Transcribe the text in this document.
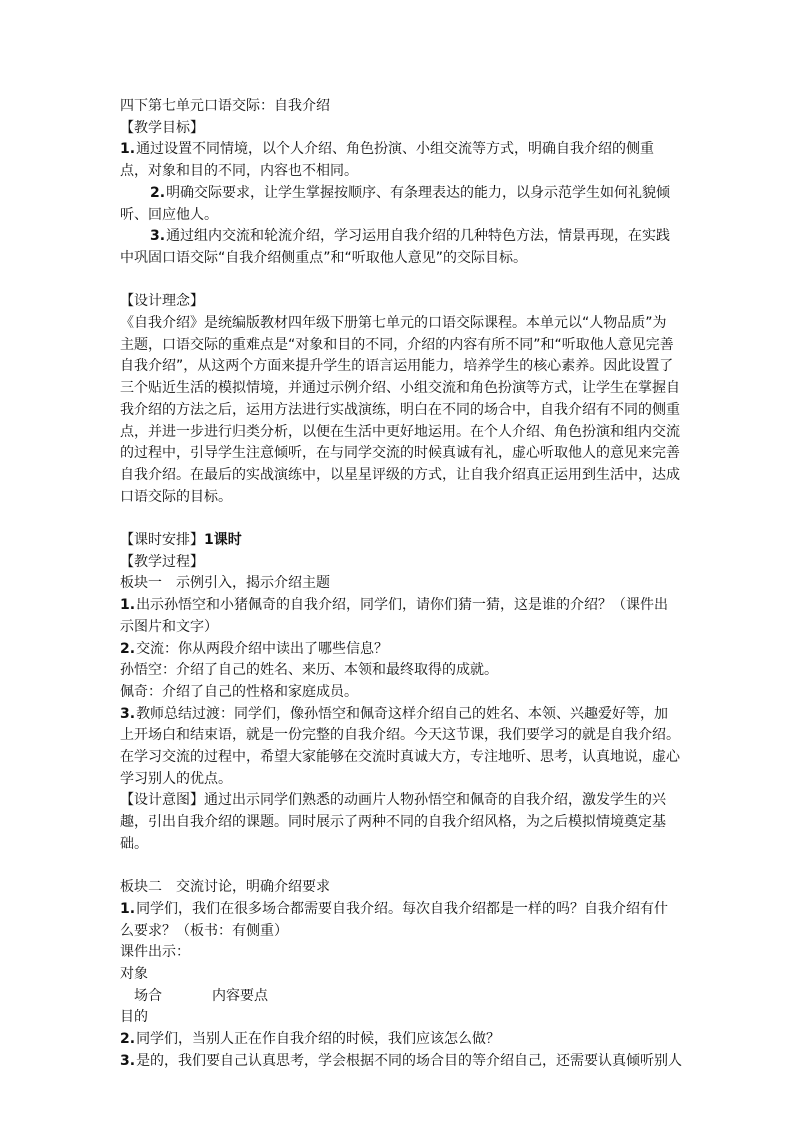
四下第七单元口语交际：自我介绍
【教学目标】
1.通过设置不同情境，以个人介绍、角色扮演、小组交流等方式，明确自我介绍的侧重点，对象和目的不同，内容也不相同。
2.明确交际要求，让学生掌握按顺序、有条理表达的能力，以身示范学生如何礼貌倾听、回应他人。
3.通过组内交流和轮流介绍，学习运用自我介绍的几种特色方法，情景再现，在实践中巩固口语交际“自我介绍侧重点”和“听取他人意见”的交际目标。
【设计理念】
《自我介绍》是统编版教材四年级下册第七单元的口语交际课程。本单元以“人物品质”为主题，口语交际的重难点是“对象和目的不同，介绍的内容有所不同”和“听取他人意见完善自我介绍”，从这两个方面来提升学生的语言运用能力，培养学生的核心素养。因此设置了三个贴近生活的模拟情境，并通过示例介绍、小组交流和角色扮演等方式，让学生在掌握自我介绍的方法之后，运用方法进行实战演练，明白在不同的场合中，自我介绍有不同的侧重点，并进一步进行归类分析，以便在生活中更好地运用。在个人介绍、角色扮演和组内交流的过程中，引导学生注意倾听，在与同学交流的时候真诚有礼，虚心听取他人的意见来完善自我介绍。在最后的实战演练中，以星星评级的方式，让自我介绍真正运用到生活中，达成口语交际的目标。
【课时安排】1课时
【教学过程】
板块一　示例引入，揭示介绍主题
1.出示孙悟空和小猪佩奇的自我介绍，同学们，请你们猜一猜，这是谁的介绍？（课件出示图片和文字）
2.交流：你从两段介绍中读出了哪些信息？
孙悟空：介绍了自己的姓名、来历、本领和最终取得的成就。
佩奇：介绍了自己的性格和家庭成员。
3.教师总结过渡：同学们，像孙悟空和佩奇这样介绍自己的姓名、本领、兴趣爱好等，加上开场白和结束语，就是一份完整的自我介绍。今天这节课，我们要学习的就是自我介绍。在学习交流的过程中，希望大家能够在交流时真诚大方，专注地听、思考，认真地说，虚心学习别人的优点。
【设计意图】通过出示同学们熟悉的动画片人物孙悟空和佩奇的自我介绍，激发学生的兴趣，引出自我介绍的课题。同时展示了两种不同的自我介绍风格，为之后模拟情境奠定基础。
板块二　交流讨论，明确介绍要求
1.同学们，我们在很多场合都需要自我介绍。每次自我介绍都是一样的吗？自我介绍有什么要求？（板书：有侧重）
课件出示：
对象
场合	内容要点
目的
2.同学们，当别人正在作自我介绍的时候，我们应该怎么做？
3.是的，我们要自己认真思考，学会根据不同的场合目的等介绍自己，还需要认真倾听别人
